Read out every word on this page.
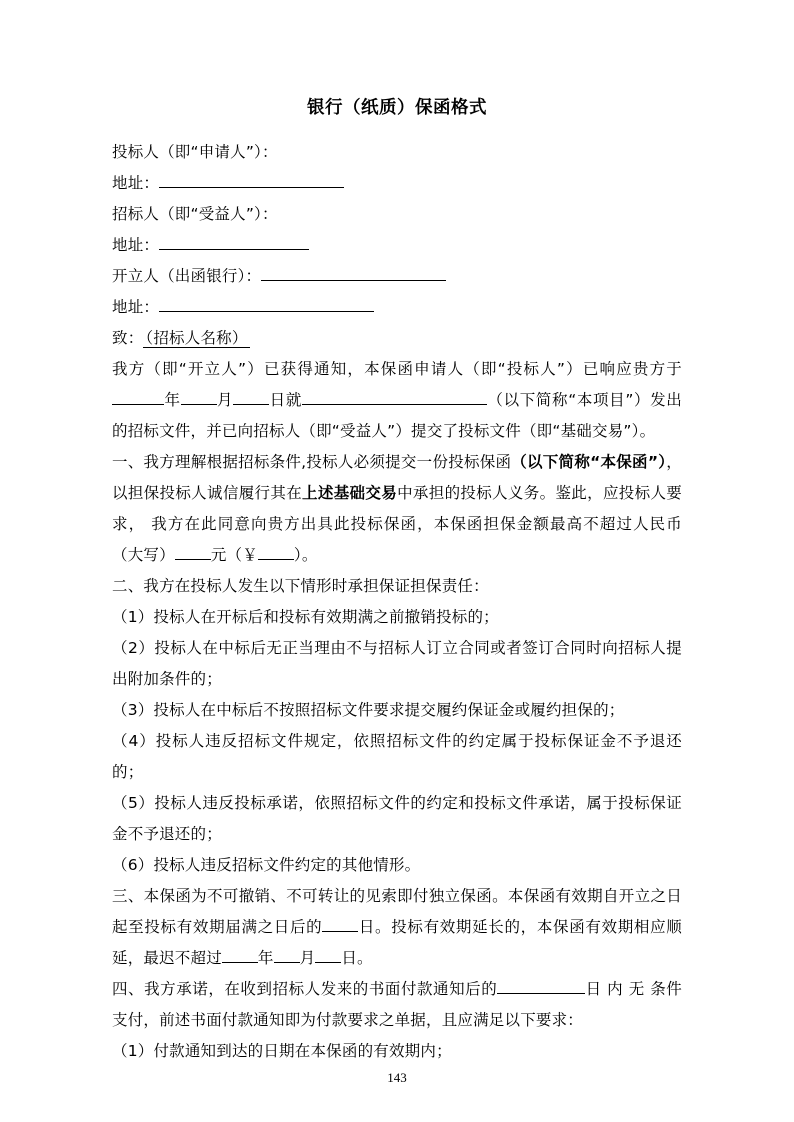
银行（纸质）保函格式

投标人（即“申请人”）：

地址：

招标人（即“受益人”）：

地址：

开立人（出函银行）：

地址：

致： （招标人名称）

我方（即“开立人”）已获得通知，本保函申请人（即“投标人”）已响应贵方于年 月 日就	（以下简称“本项目”）发出的招标文件，并已向招标人（即“受益人”）提交了投标文件（即“基础交易”）。

一、我方理解根据招标条件,投标人必须提交一份投标保函（以下简称“本保函”），以担保投标人诚信履行其在上述基础交易中承担的投标人义务。鉴此，应投标人要求， 我方在此同意向贵方出具此投标保函，本保函担保金额最高不超过人民币（大写） 元（￥ ）。

二、我方在投标人发生以下情形时承担保证担保责任：

（1）投标人在开标后和投标有效期满之前撤销投标的；

（2）投标人在中标后无正当理由不与招标人订立合同或者签订合同时向招标人提出附加条件的；

（3）投标人在中标后不按照招标文件要求提交履约保证金或履约担保的；

（4）投标人违反招标文件规定，依照招标文件的约定属于投标保证金不予退还的；

（5）投标人违反投标承诺，依照招标文件的约定和投标文件承诺，属于投标保证金不予退还的；

（6）投标人违反招标文件约定的其他情形。

三、本保函为不可撤销、不可转让的见索即付独立保函。本保函有效期自开立之日起至投标有效期届满之日后的 日。投标有效期延长的，本保函有效期相应顺延，最迟不超过 年 月 日。

四、我方承诺，在收到招标人发来的书面付款通知后的	日 内 无 条件支付，前述书面付款通知即为付款要求之单据，且应满足以下要求：

（1）付款通知到达的日期在本保函的有效期内；

143
